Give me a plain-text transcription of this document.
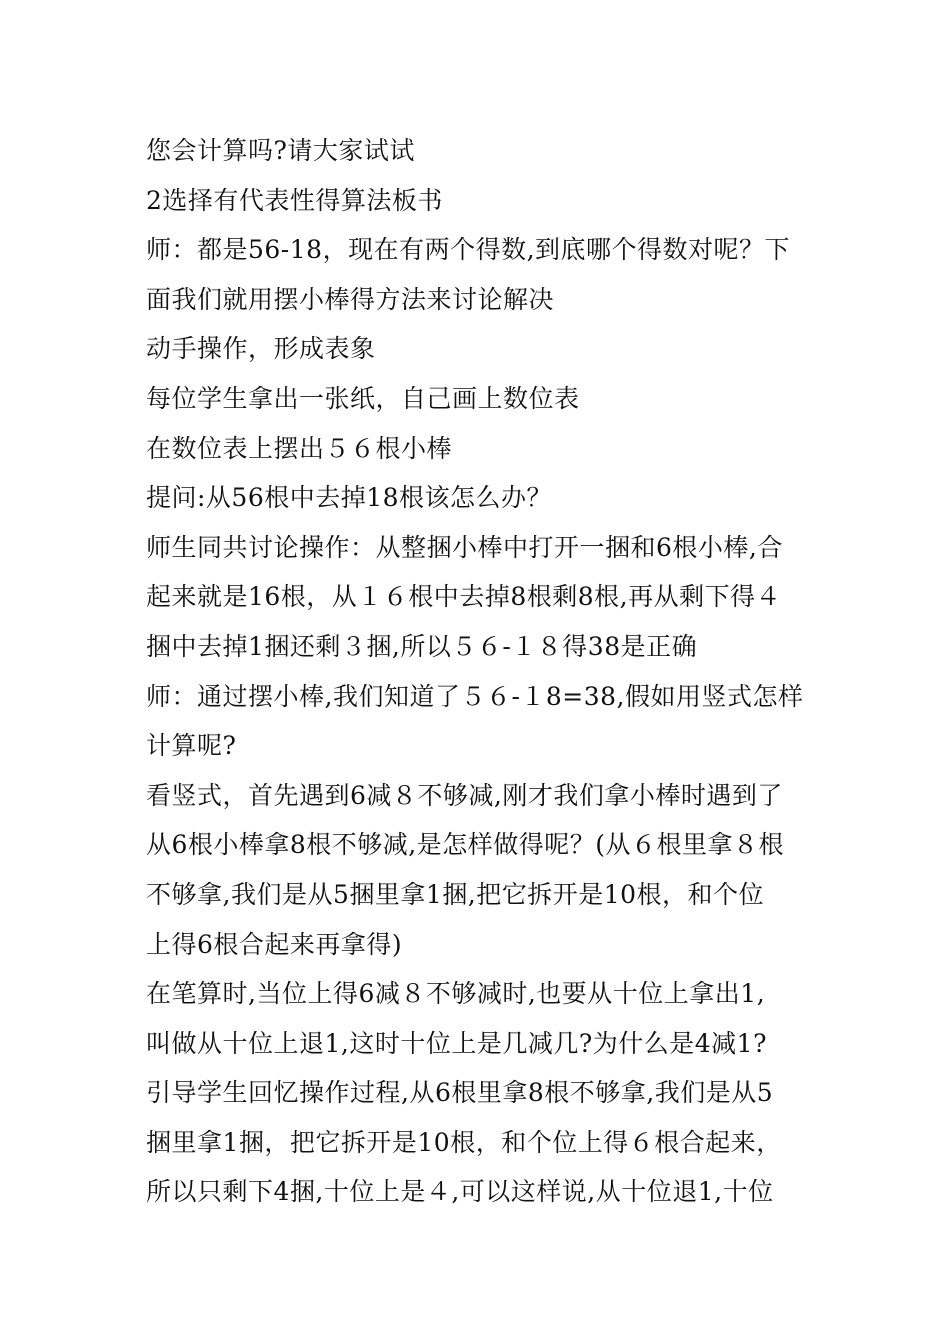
您会计算吗?请大家试试
2选择有代表性得算法板书
师：都是56-18，现在有两个得数,到底哪个得数对呢？下
面我们就用摆小棒得方法来讨论解决
动手操作，形成表象
每位学生拿出一张纸，自己画上数位表
在数位表上摆出５６根小棒
提问:从56根中去掉18根该怎么办？
师生同共讨论操作：从整捆小棒中打开一捆和6根小棒,合
起来就是16根，从１６根中去掉8根剩8根,再从剩下得４
捆中去掉1捆还剩３捆,所以５６-１８得38是正确
师：通过摆小棒,我们知道了５６-１8=38,假如用竖式怎样
计算呢?
看竖式，首先遇到6减８不够减,刚才我们拿小棒时遇到了
从6根小棒拿8根不够减,是怎样做得呢？(从６根里拿８根
不够拿,我们是从5捆里拿1捆,把它拆开是10根，和个位
上得6根合起来再拿得)
在笔算时,当位上得6减８不够减时,也要从十位上拿出1,
叫做从十位上退1,这时十位上是几减几?为什么是4减1?
引导学生回忆操作过程,从6根里拿8根不够拿,我们是从5
捆里拿1捆，把它拆开是10根，和个位上得６根合起来，
所以只剩下4捆,十位上是４,可以这样说,从十位退1,十位
